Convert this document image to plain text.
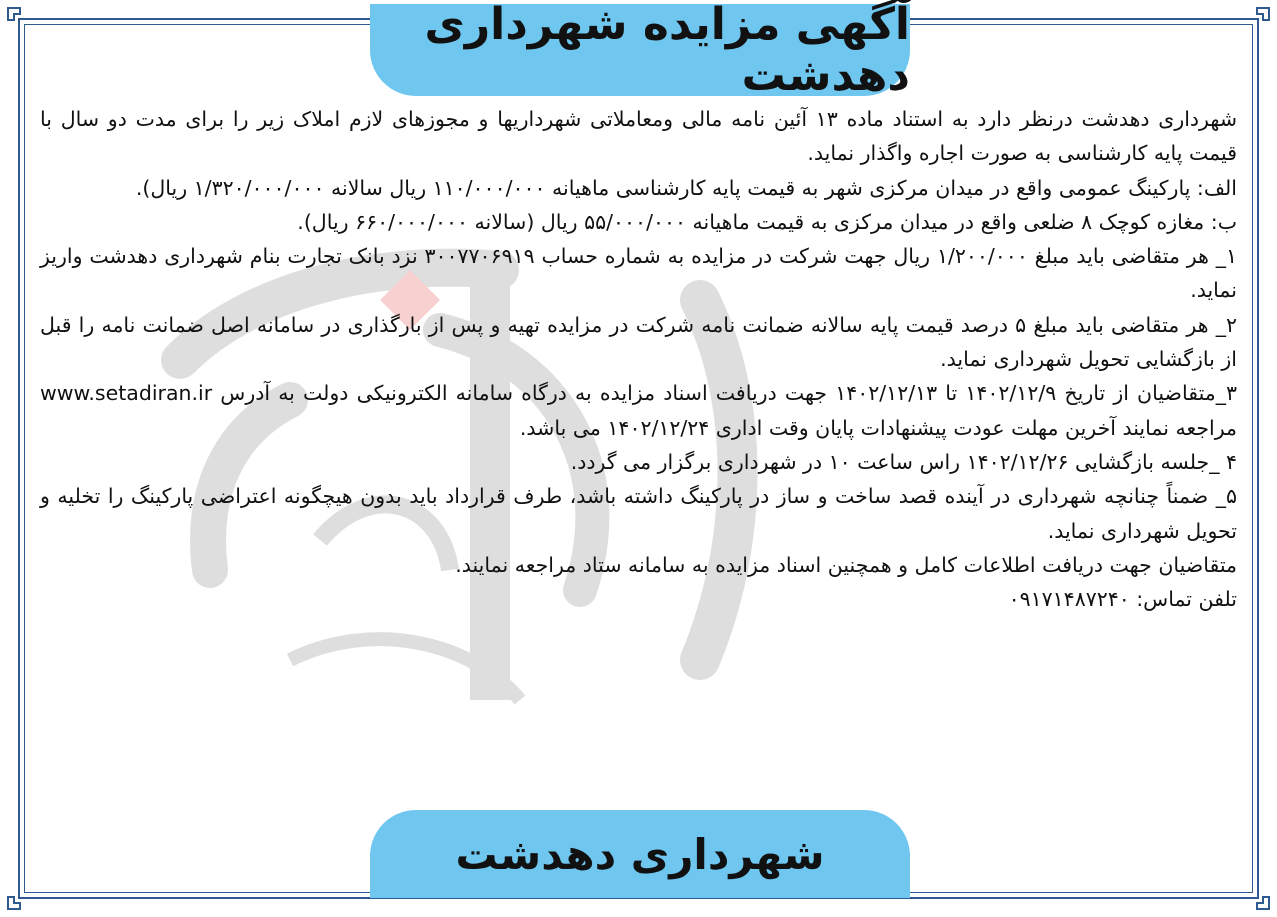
آگهی مزایده شهرداری دهدشت

شهرداری دهدشت درنظر دارد به استناد ماده ۱۳ آئین نامه مالی ومعاملاتی شهرداریها و مجوزهای لازم املاک زیر را برای مدت دو سال با قیمت پایه کارشناسی به صورت اجاره واگذار نماید.

الف: پارکینگ عمومی واقع در میدان مرکزی شهر به قیمت پایه کارشناسی ماهیانه ۱۱۰/۰۰۰/۰۰۰ ریال سالانه ۱/۳۲۰/۰۰۰/۰۰۰ ریال).

ب: مغازه کوچک ۸ ضلعی واقع در میدان مرکزی به قیمت ماهیانه ۵۵/۰۰۰/۰۰۰ ریال (سالانه ۶۶۰/۰۰۰/۰۰۰ ریال).

۱_ هر متقاضی باید مبلغ ۱/۲۰۰/۰۰۰ ریال جهت شرکت در مزایده به شماره حساب ۳۰۰۷۷۰۶۹۱۹ نزد بانک تجارت بنام شهرداری دهدشت واریز نماید.

۲_ هر متقاضی باید مبلغ ۵ درصد قیمت پایه سالانه ضمانت نامه شرکت در مزایده تهیه و پس از بارگذاری در سامانه اصل ضمانت نامه را قبل از بازگشایی تحویل شهرداری نماید.

۳_متقاضیان از تاریخ ۱۴۰۲/۱۲/۹ تا ۱۴۰۲/۱۲/۱۳ جهت دریافت اسناد مزایده به درگاه سامانه الکترونیکی دولت به آدرس www.setadiran.ir مراجعه نمایند آخرین مهلت عودت پیشنهادات پایان وقت اداری ۱۴۰۲/۱۲/۲۴ می باشد.

۴ _جلسه بازگشایی ۱۴۰۲/۱۲/۲۶ راس ساعت ۱۰ در شهرداری برگزار می گردد.

۵_ ضمناً چنانچه شهرداری در آینده قصد ساخت و ساز در پارکینگ داشته باشد، طرف قرارداد باید بدون هیچگونه اعتراضی پارکینگ را تخلیه و تحویل شهرداری نماید.

متقاضیان جهت دریافت اطلاعات کامل و همچنین اسناد مزایده به سامانه ستاد مراجعه نمایند.

تلفن تماس: ۰۹۱۷۱۴۸۷۲۴۰

شهرداری دهدشت
